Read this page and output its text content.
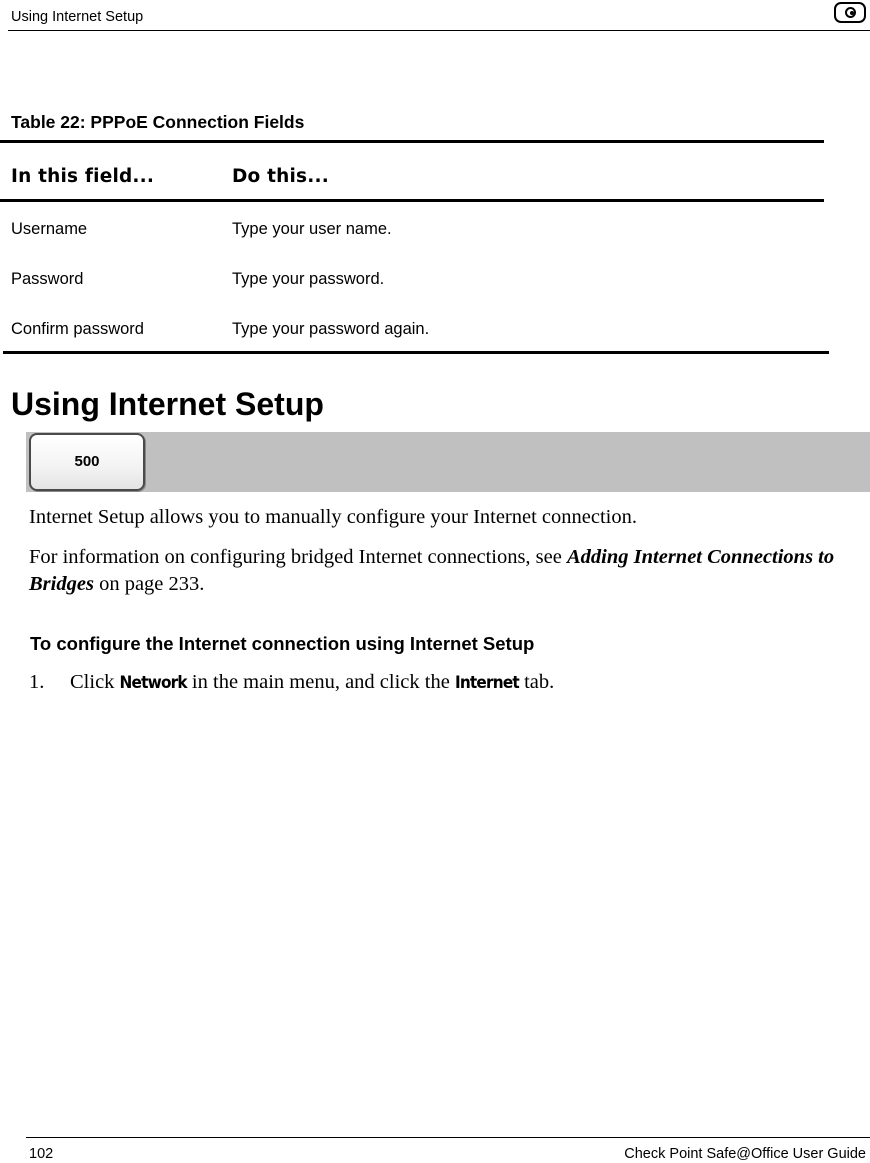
Using Internet Setup
Table 22: PPPoE Connection Fields
In this field...	Do this...
Username	Type your user name.
Password	Type your password.
Confirm password	Type your password again.
Using Internet Setup
500
Internet Setup allows you to manually configure your Internet connection.
For information on configuring bridged Internet connections, see Adding Internet Connections to Bridges on page 233.
To configure the Internet connection using Internet Setup
1. Click Network in the main menu, and click the Internet tab.
102	Check Point Safe@Office User Guide
